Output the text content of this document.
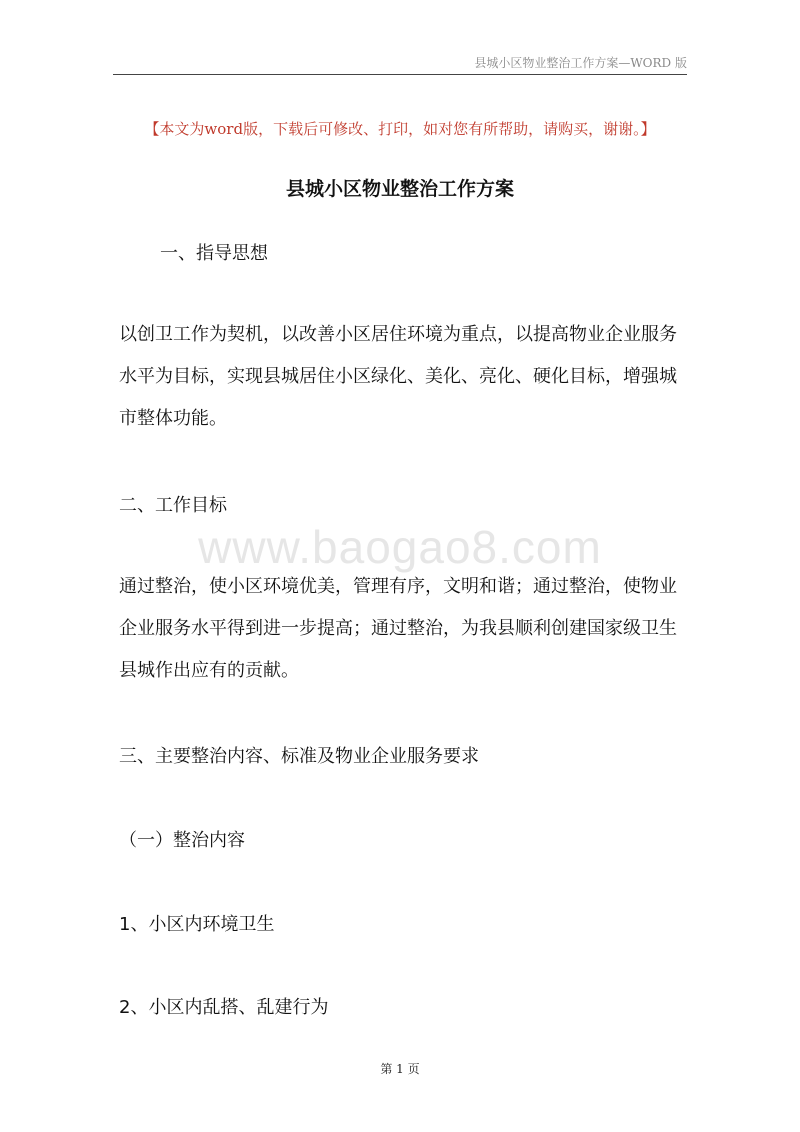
县城小区物业整治工作方案—WORD 版
【本文为word版，下载后可修改、打印，如对您有所帮助，请购买，谢谢。】
县城小区物业整治工作方案
www.baogao8.com
一、指导思想
以创卫工作为契机，以改善小区居住环境为重点，以提高物业企业服务水平为目标，实现县城居住小区绿化、美化、亮化、硬化目标，增强城市整体功能。
二、工作目标
通过整治，使小区环境优美，管理有序，文明和谐；通过整治，使物业企业服务水平得到进一步提高；通过整治，为我县顺利创建国家级卫生县城作出应有的贡献。
三、主要整治内容、标准及物业企业服务要求
（一）整治内容
1、小区内环境卫生
2、小区内乱搭、乱建行为
第 1 页
